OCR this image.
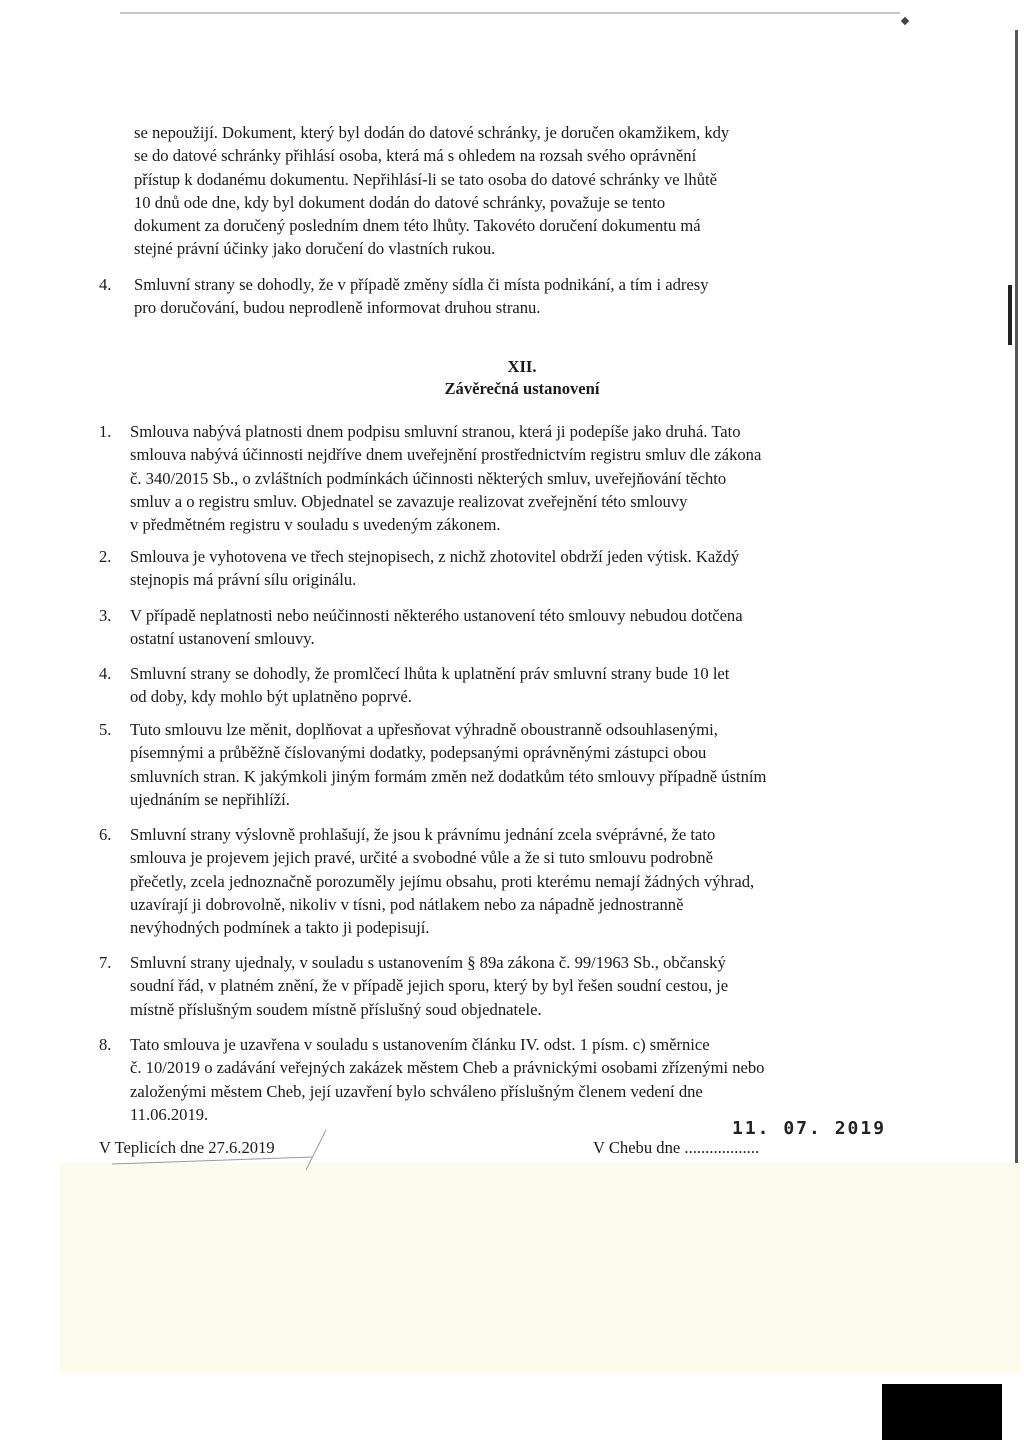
se nepoužijí. Dokument, který byl dodán do datové schránky, je doručen okamžikem, kdy

se do datové schránky přihlásí osoba, která má s ohledem na rozsah svého oprávnění

přístup k dodanému dokumentu. Nepřihlásí-li se tato osoba do datové schránky ve lhůtě

10 dnů ode dne, kdy byl dokument dodán do datové schránky, považuje se tento

dokument za doručený posledním dnem této lhůty. Takovéto doručení dokumentu má

stejné právní účinky jako doručení do vlastních rukou.

4. Smluvní strany se dohodly, že v případě změny sídla či místa podnikání, a tím i adresy

pro doručování, budou neprodleně informovat druhou stranu.

XII.
Závěrečná ustanovení
1. Smlouva nabývá platnosti dnem podpisu smluvní stranou, která ji podepíše jako druhá. Tato

smlouva nabývá účinnosti nejdříve dnem uveřejnění prostřednictvím registru smluv dle zákona

č. 340/2015 Sb., o zvláštních podmínkách účinnosti některých smluv, uveřejňování těchto

smluv a o registru smluv. Objednatel se zavazuje realizovat zveřejnění této smlouvy

v předmětném registru v souladu s uvedeným zákonem.

2. Smlouva je vyhotovena ve třech stejnopisech, z nichž zhotovitel obdrží jeden výtisk. Každý

stejnopis má právní sílu originálu.

3. V případě neplatnosti nebo neúčinnosti některého ustanovení této smlouvy nebudou dotčena

ostatní ustanovení smlouvy.

4. Smluvní strany se dohodly, že promlčecí lhůta k uplatnění práv smluvní strany bude 10 let

od doby, kdy mohlo být uplatněno poprvé.

5. Tuto smlouvu lze měnit, doplňovat a upřesňovat výhradně oboustranně odsouhlasenými,

písemnými a průběžně číslovanými dodatky, podepsanými oprávněnými zástupci obou

smluvních stran. K jakýmkoli jiným formám změn než dodatkům této smlouvy případně ústním

ujednáním se nepřihlíží.

6. Smluvní strany výslovně prohlašují, že jsou k právnímu jednání zcela svéprávné, že tato

smlouva je projevem jejich pravé, určité a svobodné vůle a že si tuto smlouvu podrobně

přečetly, zcela jednoznačně porozuměly jejímu obsahu, proti kterému nemají žádných výhrad,

uzavírají ji dobrovolně, nikoliv v tísni, pod nátlakem nebo za nápadně jednostranně

nevýhodných podmínek a takto ji podepisují.

7. Smluvní strany ujednaly, v souladu s ustanovením § 89a zákona č. 99/1963 Sb., občanský

soudní řád, v platném znění, že v případě jejich sporu, který by byl řešen soudní cestou, je

místně příslušným soudem místně příslušný soud objednatele.

8. Tato smlouva je uzavřena v souladu s ustanovením článku IV. odst. 1 písm. c) směrnice

č. 10/2019 o zadávání veřejných zakázek městem Cheb a právnickými osobami zřízenými nebo

založenými městem Cheb, její uzavření bylo schváleno příslušným členem vedení dne

11.06.2019.

V Teplicích dne 27.6.2019	V Chebu dne ..................
11. 07. 2019
